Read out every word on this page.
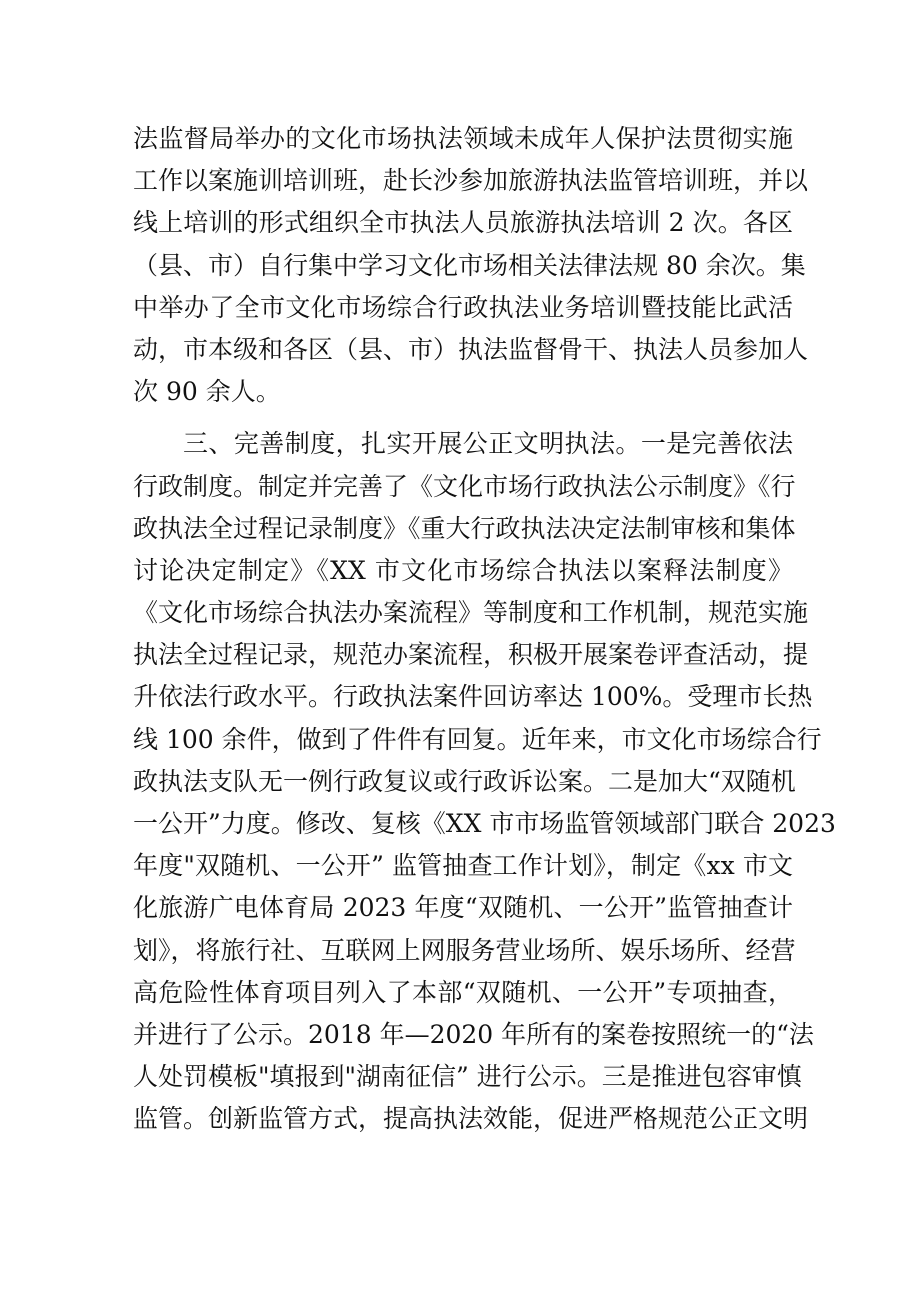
法监督局举办的文化市场执法领域未成年人保护法贯彻实施
工作以案施训培训班，赴长沙参加旅游执法监管培训班，并以
线上培训的形式组织全市执法人员旅游执法培训 2 次。各区
（县、市）自行集中学习文化市场相关法律法规 80 余次。集
中举办了全市文化市场综合行政执法业务培训暨技能比武活
动，市本级和各区（县、市）执法监督骨干、执法人员参加人
次 90 余人。
三、完善制度，扎实开展公正文明执法。一是完善依法
行政制度。制定并完善了《文化市场行政执法公示制度》《行
政执法全过程记录制度》《重大行政执法决定法制审核和集体
讨论决定制定》《XX 市文化市场综合执法以案释法制度》
《文化市场综合执法办案流程》等制度和工作机制，规范实施
执法全过程记录，规范办案流程，积极开展案卷评查活动，提
升依法行政水平。行政执法案件回访率达 100%。受理市长热
线 100 余件，做到了件件有回复。近年来，市文化市场综合行
政执法支队无一例行政复议或行政诉讼案。二是加大“双随机
一公开”力度。修改、复核《XX 市市场监管领域部门联合 2023
年度"双随机、一公开” 监管抽查工作计划》，制定《xx 市文
化旅游广电体育局 2023 年度“双随机、一公开”监管抽查计
划》，将旅行社、互联网上网服务营业场所、娱乐场所、经营
高危险性体育项目列入了本部“双随机、一公开”专项抽查，
并进行了公示。2018 年—2020 年所有的案卷按照统一的“法
人处罚模板"填报到"湖南征信” 进行公示。三是推进包容审慎
监管。创新监管方式，提高执法效能，促进严格规范公正文明
